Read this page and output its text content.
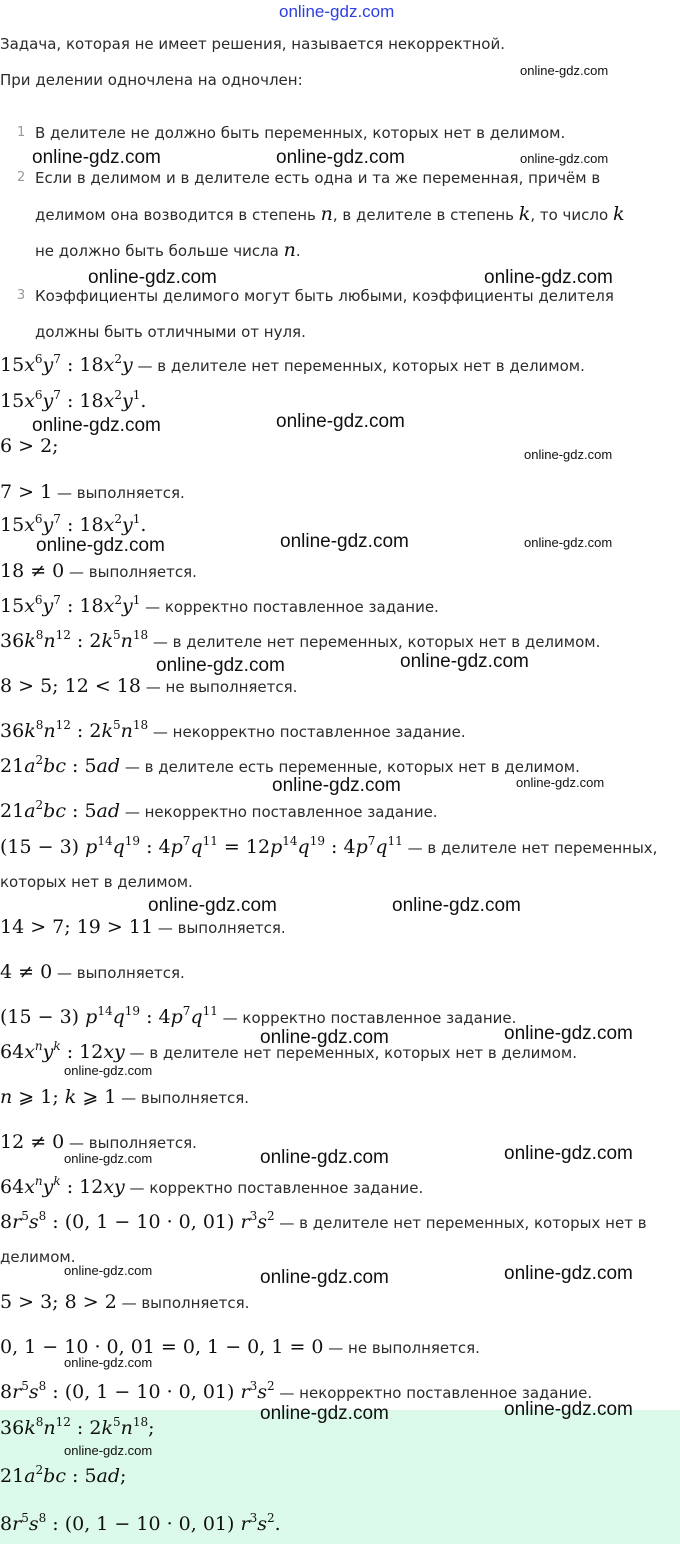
online-gdz.com
Задача, которая не имеет решения, называется некорректной.
При делении одночлена на одночлен:
1 В делителе не должно быть переменных, которых нет в делимом.
2 Если в делимом и в делителе есть одна и та же переменная, причём в
делимом она возводится в степень n, в делителе в степень k, то число k
не должно быть больше числа n.
3 Коэффициенты делимого могут быть любыми, коэффициенты делителя
должны быть отличными от нуля.
$15x^6y^7$ : $18x^2y$ — в делителе нет переменных, которых нет в делимом.
$15x^6y^7$ : $18x^2y^1$.
6 > 2;
7 > 1 — выполняется.
$15x^6y^7$ : $18x^2y^1$.
18 ≠ 0 — выполняется.
$15x^6y^7$ : $18x^2y^1$ — корректно поставленное задание.
$36k^8n^{12}$ : $2k^5n^{18}$ — в делителе нет переменных, которых нет в делимом.
8 > 5; 12 < 18 — не выполняется.
$36k^8n^{12}$ : $2k^5n^{18}$ — некорректно поставленное задание.
$21a^2bc$ : 5ad — в делителе есть переменные, которых нет в делимом.
$21a^2bc$ : 5ad — некорректно поставленное задание.
(15 − 3) $p^{14}q^{19}$ : $4p^7q^{11} = 12p^{14}q^{19}$ : $4p^7q^{11}$ — в делителе нет переменных,
которых нет в делимом.
14 > 7; 19 > 11 — выполняется.
4 ≠ 0 — выполняется.
(15 − 3) $p^{14}q^{19}$ : $4p^7q^{11}$ — корректно поставленное задание.
$64x^ny^k$ : 12xy — в делителе нет переменных, которых нет в делимом.
n ⩾ 1; k ⩾ 1 — выполняется.
12 ≠ 0 — выполняется.
$64x^ny^k$ : 12xy — корректно поставленное задание.
$8r^5s^8$ : (0, 1 − 10 · 0, 01) $r^3s^2$ — в делителе нет переменных, которых нет в
делимом.
5 > 3; 8 > 2 — выполняется.
0, 1 − 10 · 0, 01 = 0, 1 − 0, 1 = 0 — не выполняется.
$8r^5s^8$ : (0, 1 − 10 · 0, 01) $r^3s^2$ — некорректно поставленное задание.
$36k^8n^{12}$ : $2k^5n^{18}$;
$21a^2bc$ : 5ad;
$8r^5s^8$ : (0, 1 − 10 · 0, 01) $r^3s^2$.
online-gdz.com
online-gdz.com	online-gdz.com	online-gdz.com
online-gdz.com	online-gdz.com
online-gdz.com	online-gdz.com
online-gdz.com
online-gdz.com	online-gdz.com	online-gdz.com
online-gdz.com	online-gdz.com
online-gdz.com	online-gdz.com
online-gdz.com	online-gdz.com
online-gdz.com	online-gdz.com
online-gdz.com
online-gdz.com	online-gdz.com
online-gdz.com
online-gdz.com	online-gdz.com
online-gdz.com
online-gdz.com
online-gdz.com	online-gdz.com
online-gdz.com
